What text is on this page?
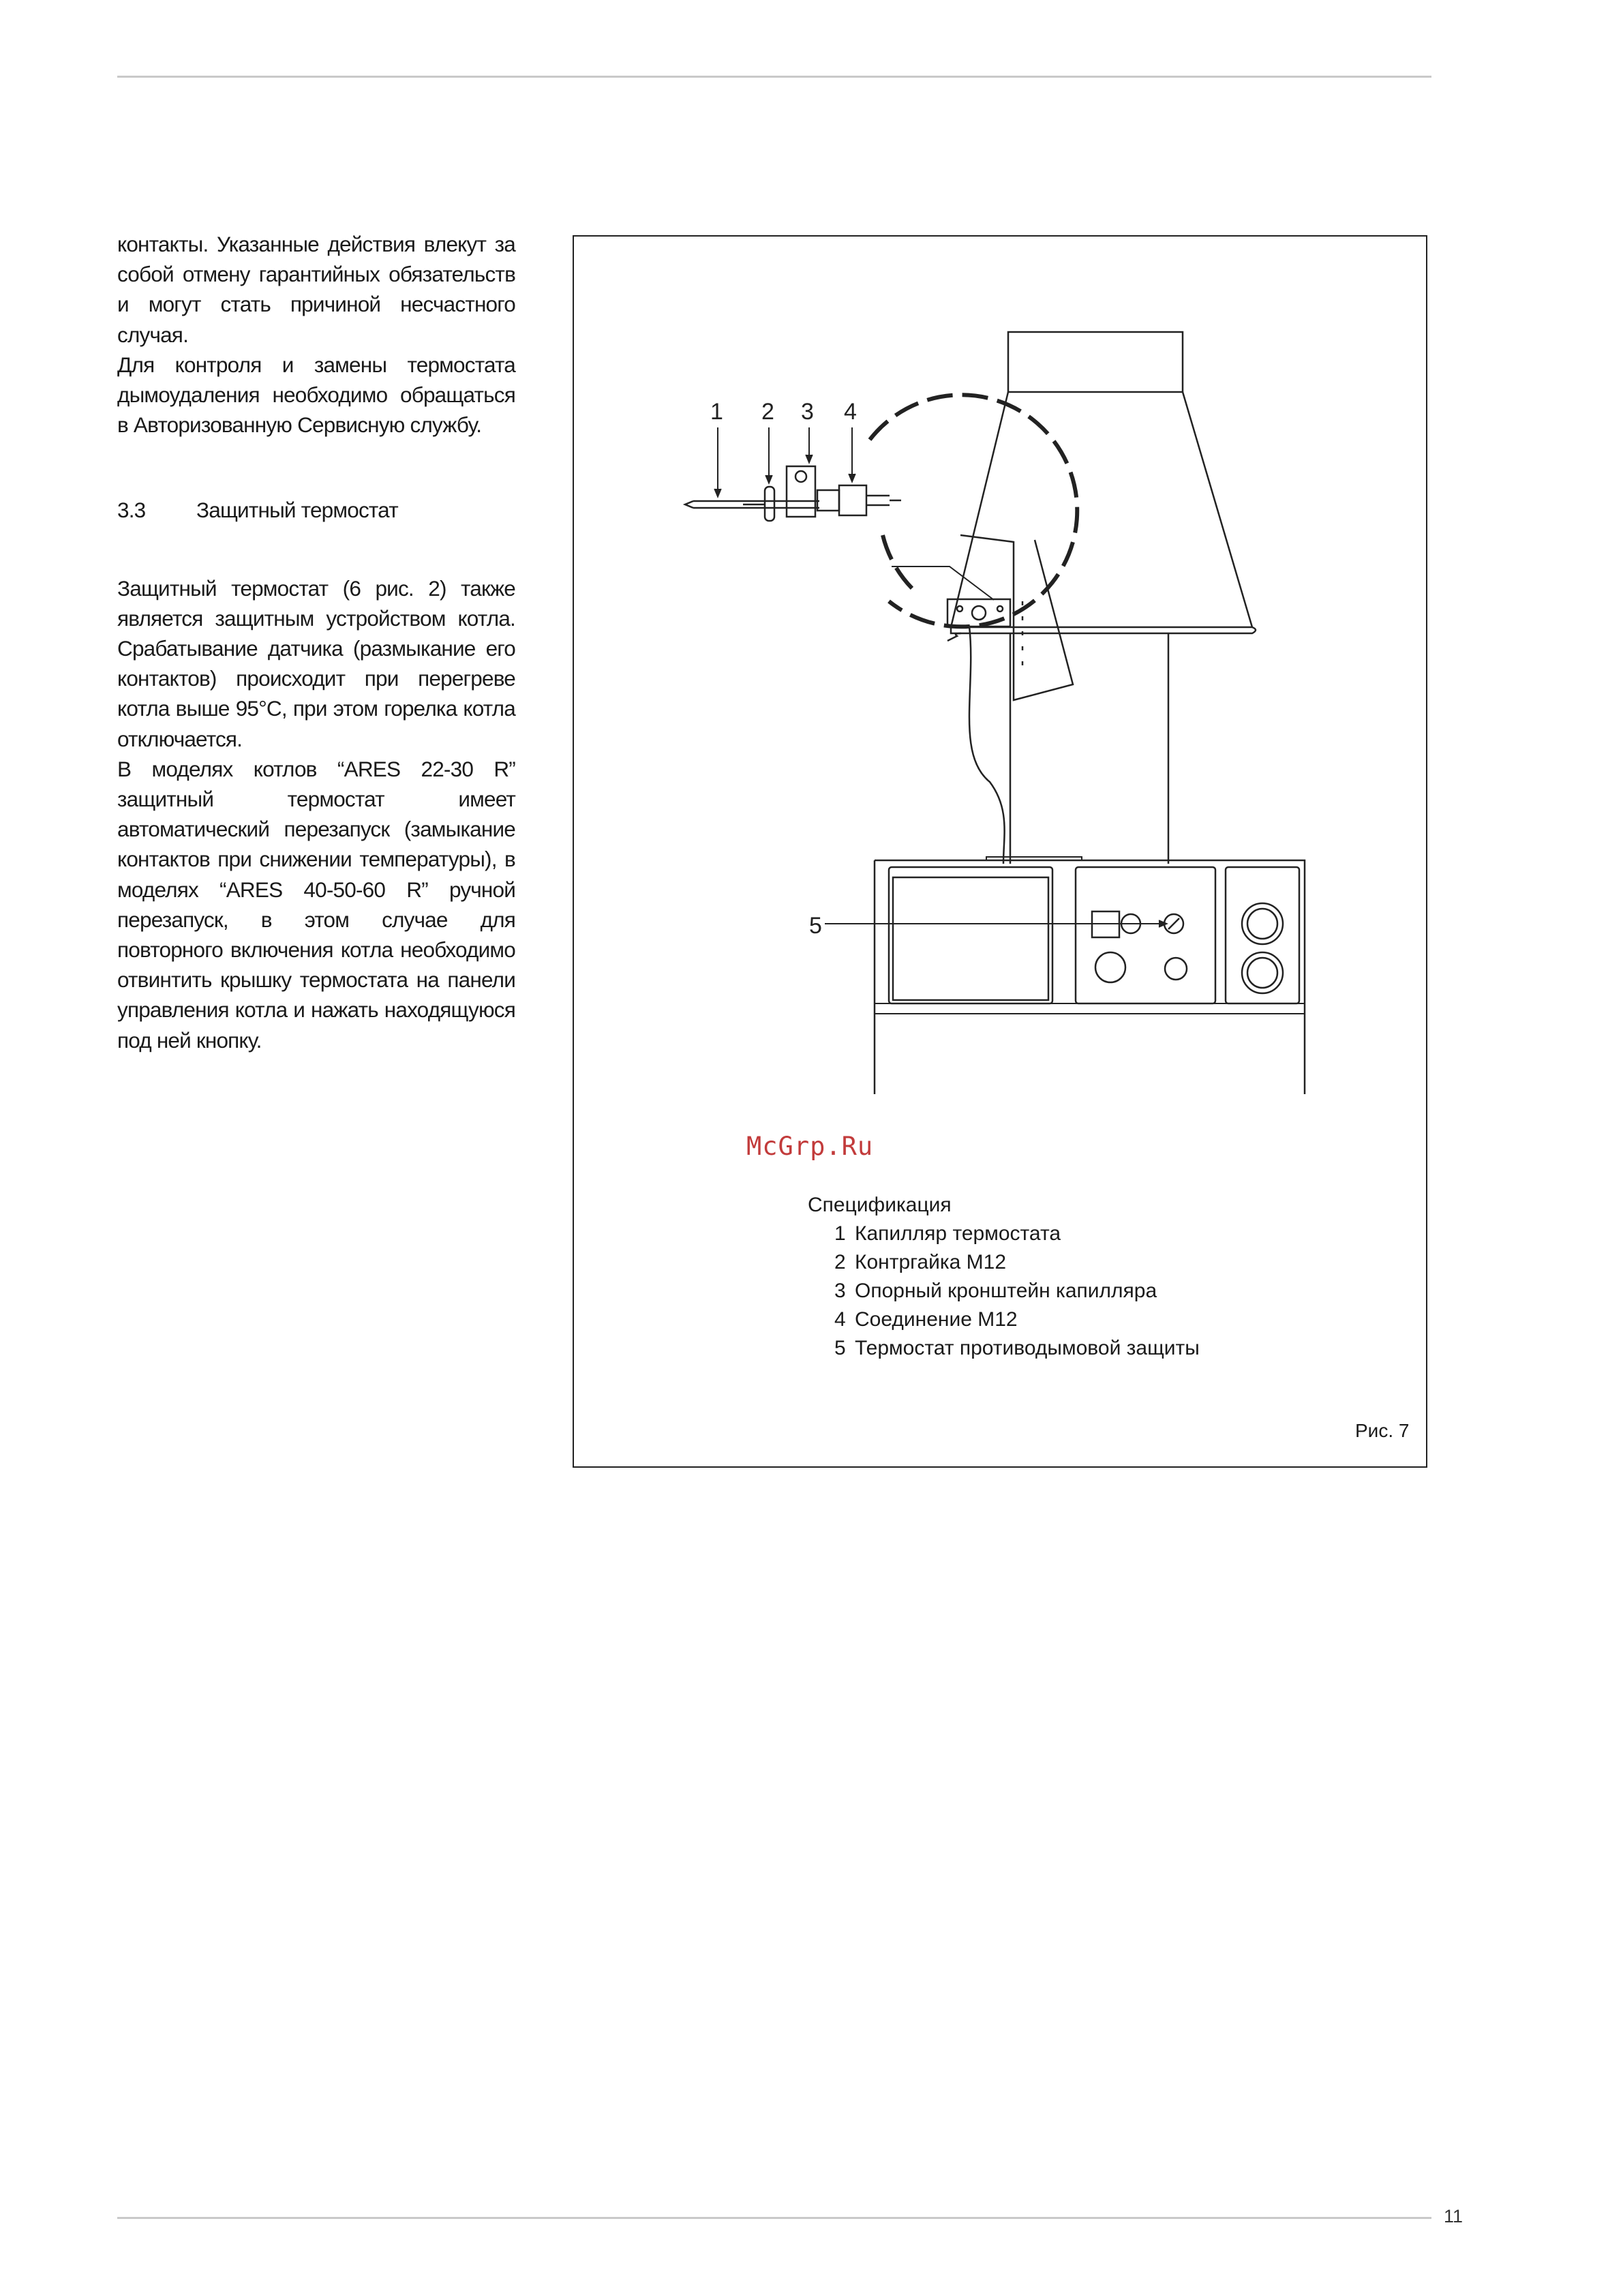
контакты. Указанные действия влекут за собой отмену гарантийных обязательств и могут стать причиной несчастного случая.

Для контроля и замены термостата дымоудаления необходимо обращаться в Авторизованную Сервисную службу.

3.3	Защитный термостат

Защитный термостат (6 рис. 2) также является защитным устройством котла. Срабатывание датчика (размыкание его контактов) происходит при перегреве котла выше 95°C, при этом горелка котла отключается.

В моделях котлов “ARES 22-30 R” защитный термостат имеет автоматический перезапуск (замыкание контактов при снижении температуры), в моделях “ARES 40-50-60 R” ручной перезапуск, в этом случае для повторного включения котла необходимо отвинтить крышку термостата на панели управления котла и нажать находящуюся под ней кнопку.

1 2 3 4
5
McGrp.Ru
Спецификация
1 Капилляр термостата
2 Контргайка M12
3 Опорный кронштейн капилляра
4 Соединение M12
5 Термостат противодымовой защиты
Рис. 7
11
